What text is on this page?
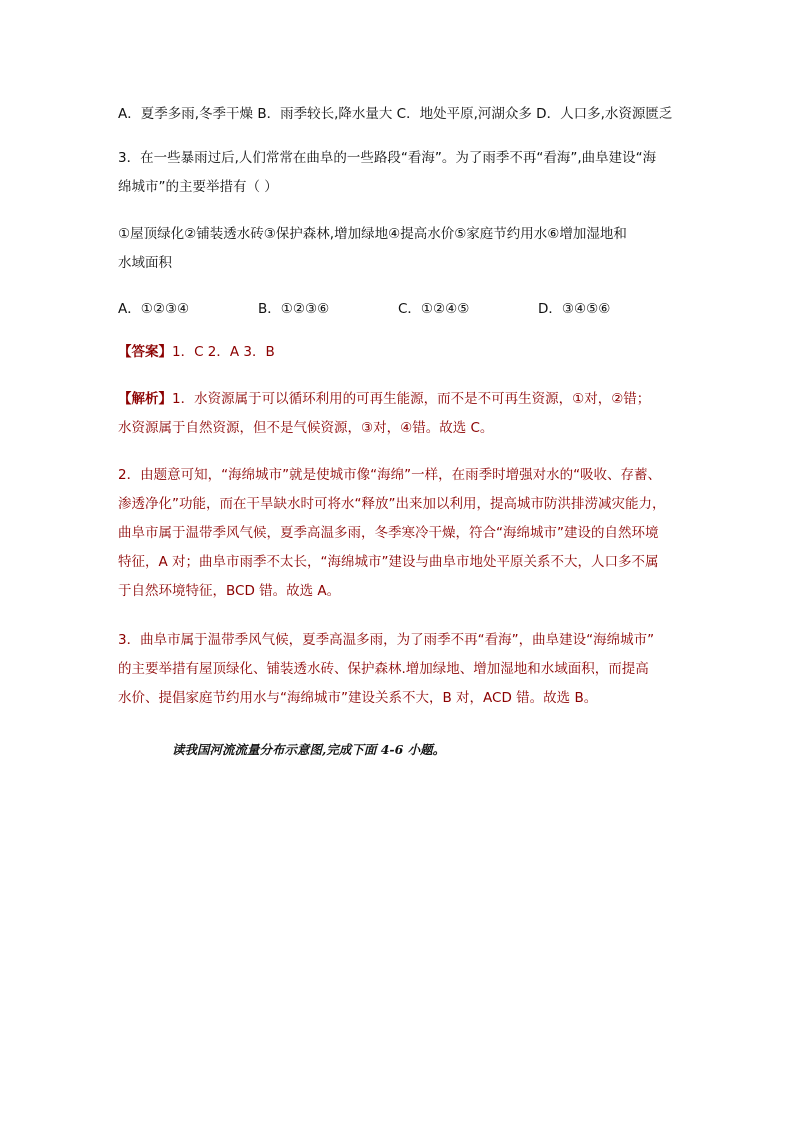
A．夏季多雨,冬季干燥 B．雨季较长,降水量大 C．地处平原,河湖众多 D．人口多,水资源匮乏
3．在一些暴雨过后,人们常常在曲阜的一些路段“看海”。为了雨季不再“看海”,曲阜建设“海
绵城市”的主要举措有（ ）
①屋顶绿化②铺装透水砖③保护森林,增加绿地④提高水价⑤家庭节约用水⑥增加湿地和
水域面积
A．①②③④	B．①②③⑥	C．①②④⑤	D．③④⑤⑥
【答案】1．C 2．A 3．B
【解析】1．水资源属于可以循环利用的可再生能源，而不是不可再生资源，①对，②错；
水资源属于自然资源，但不是气候资源，③对，④错。故选 C。
2．由题意可知，“海绵城市”就是使城市像“海绵”一样，在雨季时增强对水的“吸收、存蓄、
渗透净化”功能，而在干旱缺水时可将水“释放”出来加以利用，提高城市防洪排涝减灾能力，
曲阜市属于温带季风气候，夏季高温多雨，冬季寒冷干燥，符合“海绵城市”建设的自然环境
特征，A 对；曲阜市雨季不太长，“海绵城市”建设与曲阜市地处平原关系不大，人口多不属
于自然环境特征，BCD 错。故选 A。
3．曲阜市属于温带季风气候，夏季高温多雨，为了雨季不再“看海”，曲阜建设“海绵城市”
的主要举措有屋顶绿化、铺装透水砖、保护森林.增加绿地、增加湿地和水域面积，而提高
水价、提倡家庭节约用水与“海绵城市”建设关系不大，B 对，ACD 错。故选 B。
读我国河流流量分布示意图,完成下面 4-6 小题。
